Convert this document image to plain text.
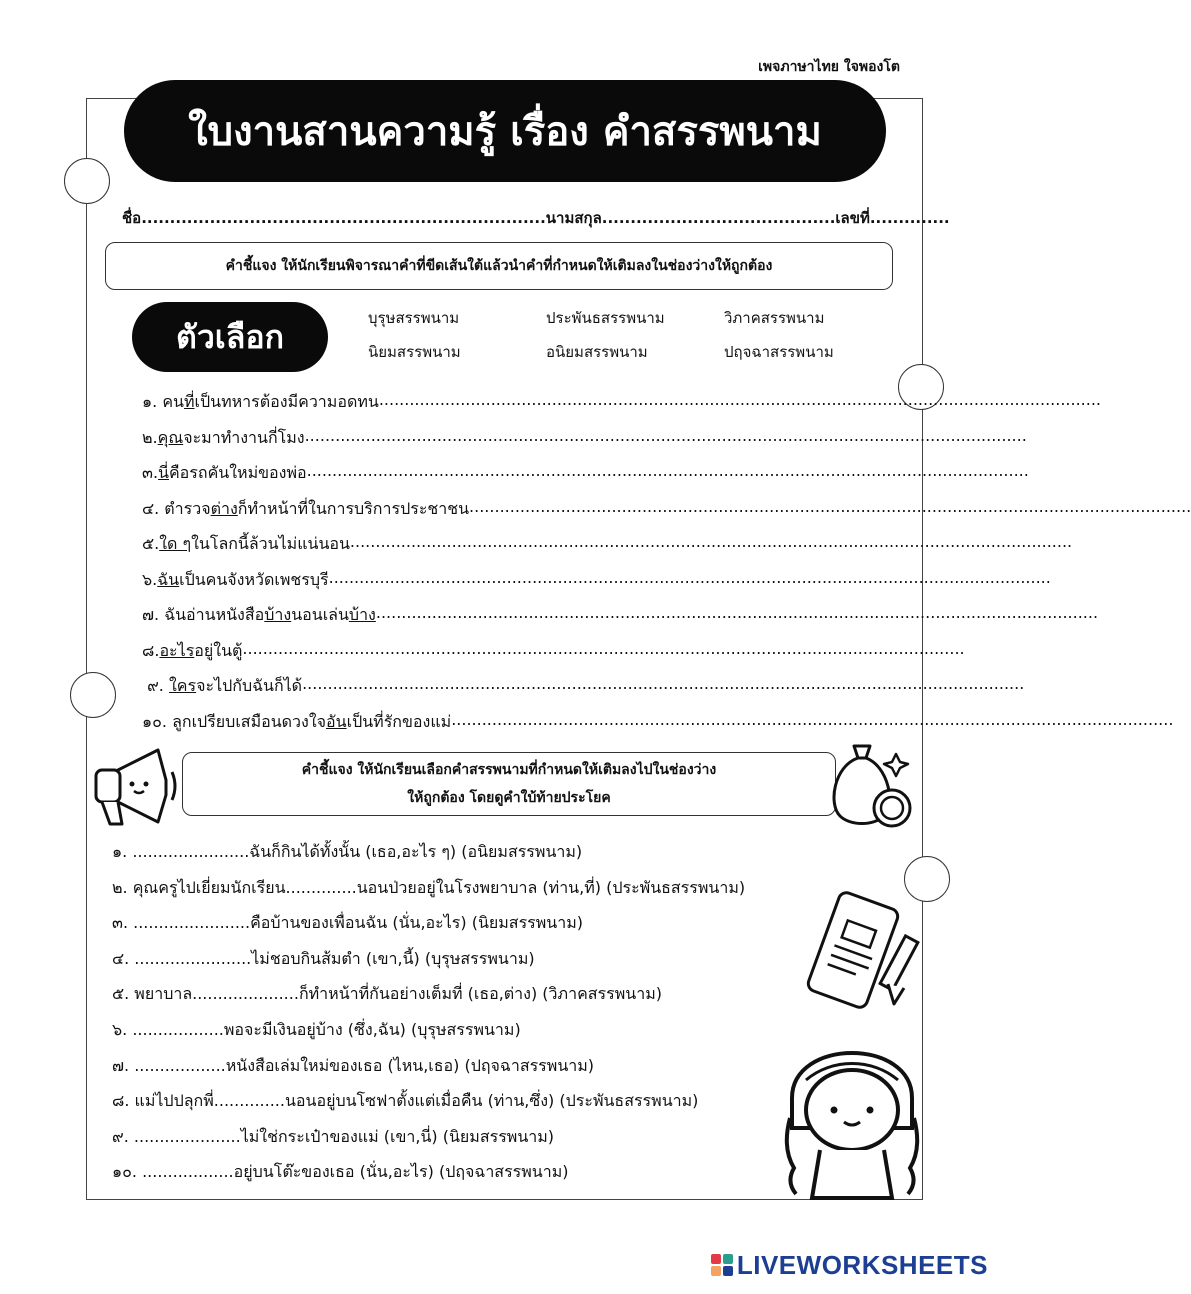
เพจภาษาไทย ใจพองโต
ใบงานสานความรู้ เรื่อง คำสรรพนาม
ชื่อ.......................................................................นามสกุล.........................................เลขที่..............
คำชี้แจง ให้นักเรียนพิจารณาคำที่ขีดเส้นใต้แล้วนำคำที่กำหนดให้เติมลงในช่องว่างให้ถูกต้อง
ตัวเลือก	บุรุษสรรพนาม	ประพันธสรรพนาม	วิภาคสรรพนาม
นิยมสรรพนาม	อนิยมสรรพนาม	ปฤจฉาสรรพนาม
๑. คน ที่ เป็นทหารต้องมีความอดทน ..............................................................................................................................................
๒. คุณ จะมาทำงานกี่โมง ..............................................................................................................................................
๓. นี่ คือรถคันใหม่ของพ่อ ..............................................................................................................................................
๔. ตำรวจ ต่าง ก็ทำหน้าที่ในการบริการประชาชน ..............................................................................................................................................
๕. ใด ๆ ในโลกนี้ล้วนไม่แน่นอน ..............................................................................................................................................
๖. ฉัน เป็นคนจังหวัดเพชรบุรี ..............................................................................................................................................
๗. ฉันอ่านหนังสือ บ้าง นอนเล่น บ้าง ..............................................................................................................................................
๘. อะไร อยู่ในตู้ ..............................................................................................................................................
๙. ใคร จะไปกับฉันก็ได้ ..............................................................................................................................................
๑๐. ลูกเปรียบเสมือนดวงใจ อัน เป็นที่รักของแม่ ..............................................................................................................................................
คำชี้แจง ให้นักเรียนเลือกคำสรรพนามที่กำหนดให้เติมลงไปในช่องว่าง
ให้ถูกต้อง โดยดูคำใบ้ท้ายประโยค
๑. .......................ฉันก็กินได้ทั้งนั้น (เธอ,อะไร ๆ) (อนิยมสรรพนาม)
๒. คุณครูไปเยี่ยมนักเรียน..............นอนป่วยอยู่ในโรงพยาบาล (ท่าน,ที่) (ประพันธสรรพนาม)
๓. .......................คือบ้านของเพื่อนฉัน (นั่น,อะไร) (นิยมสรรพนาม)
๔. .......................ไม่ชอบกินส้มตำ (เขา,นี้) (บุรุษสรรพนาม)
๕. พยาบาล.....................ก็ทำหน้าที่กันอย่างเต็มที่ (เธอ,ต่าง) (วิภาคสรรพนาม)
๖. ..................พอจะมีเงินอยู่บ้าง (ซึ่ง,ฉัน) (บุรุษสรรพนาม)
๗. ..................หนังสือเล่มใหม่ของเธอ (ไหน,เธอ) (ปฤจฉาสรรพนาม)
๘. แม่ไปปลุกพี่..............นอนอยู่บนโซฟาตั้งแต่เมื่อคืน (ท่าน,ซึ่ง) (ประพันธสรรพนาม)
๙. .....................ไม่ใช่กระเป๋าของแม่ (เขา,นี่) (นิยมสรรพนาม)
๑๐. ..................อยู่บนโต๊ะของเธอ (นั่น,อะไร) (ปฤจฉาสรรพนาม)
LIVEWORKSHEETS
